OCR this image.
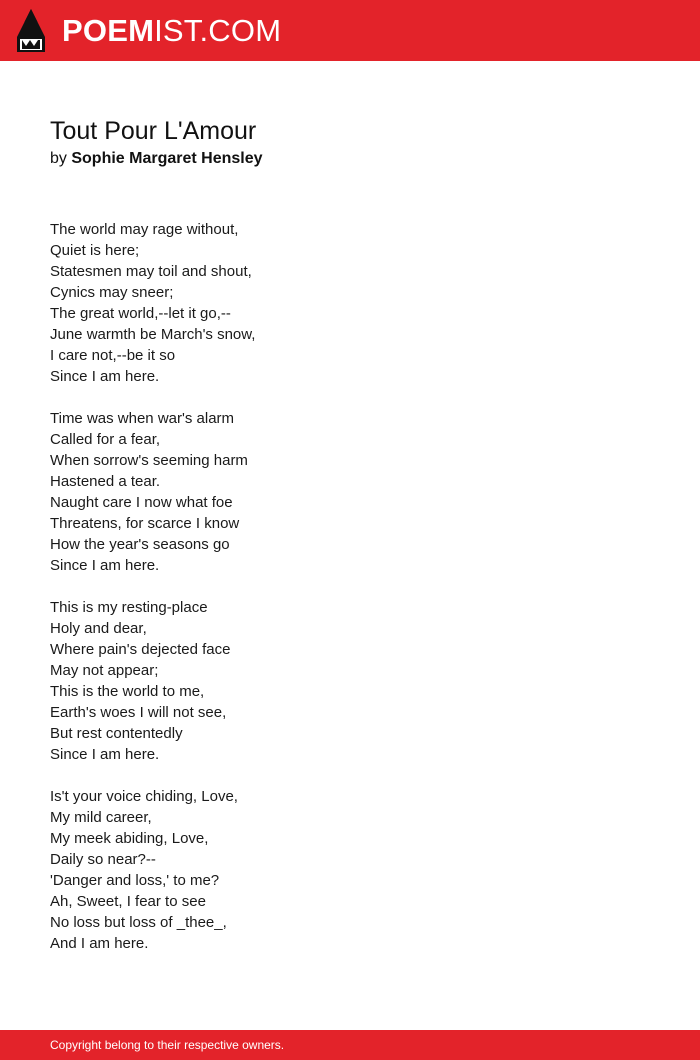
POEMIST.COM
Tout Pour L'Amour
by Sophie Margaret Hensley
The world may rage without,
Quiet is here;
Statesmen may toil and shout,
Cynics may sneer;
The great world,--let it go,--
June warmth be March's snow,
I care not,--be it so
Since I am here.
Time was when war's alarm
Called for a fear,
When sorrow's seeming harm
Hastened a tear.
Naught care I now what foe
Threatens, for scarce I know
How the year's seasons go
Since I am here.
This is my resting-place
Holy and dear,
Where pain's dejected face
May not appear;
This is the world to me,
Earth's woes I will not see,
But rest contentedly
Since I am here.
Is't your voice chiding, Love,
My mild career,
My meek abiding, Love,
Daily so near?--
'Danger and loss,' to me?
Ah, Sweet, I fear to see
No loss but loss of _thee_,
And I am here.
Copyright belong to their respective owners.
